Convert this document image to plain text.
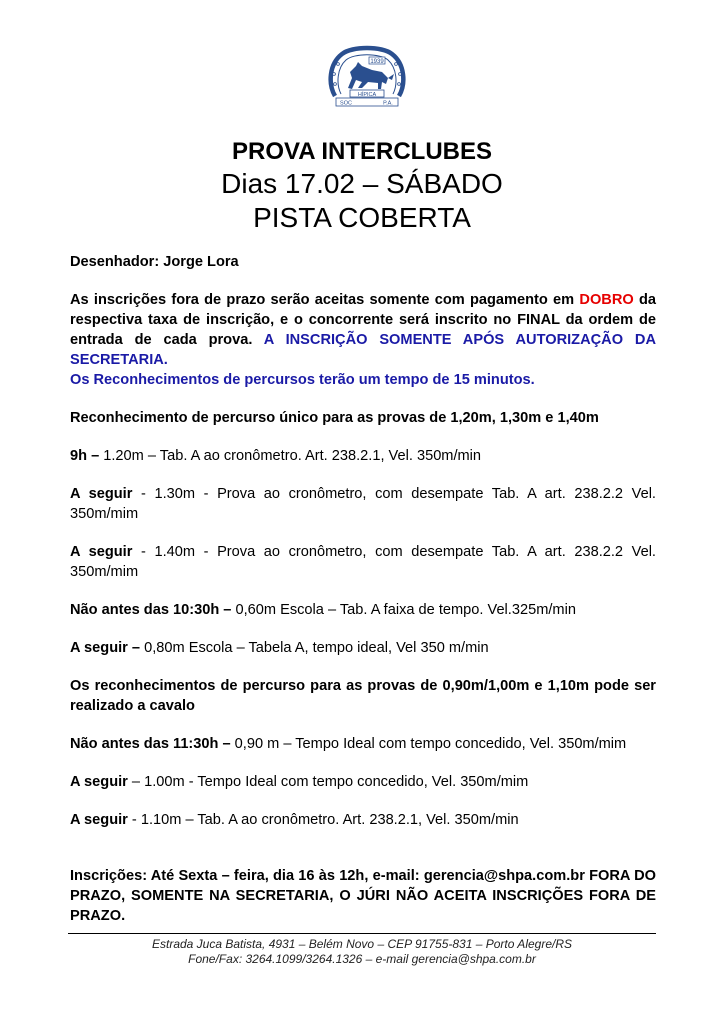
1939
HÍPICA
SOC	P.A.
PROVA INTERCLUBES
Dias 17.02 – SÁBADO
PISTA COBERTA

Desenhador: Jorge Lora

As inscrições fora de prazo serão aceitas somente com pagamento em DOBRO da respectiva taxa de inscrição, e o concorrente será inscrito no FINAL da ordem de entrada de cada prova. A INSCRIÇÃO SOMENTE APÓS AUTORIZAÇÃO DA SECRETARIA.

Os Reconhecimentos de percursos terão um tempo de 15 minutos.

Reconhecimento de percurso único para as provas de 1,20m, 1,30m e 1,40m

9h – 1.20m – Tab. A ao cronômetro. Art. 238.2.1, Vel. 350m/min

A seguir - 1.30m - Prova ao cronômetro, com desempate Tab. A art. 238.2.2 Vel. 350m/mim

A seguir - 1.40m - Prova ao cronômetro, com desempate Tab. A art. 238.2.2 Vel. 350m/mim

Não antes das 10:30h – 0,60m Escola – Tab. A faixa de tempo. Vel.325m/min

A seguir – 0,80m Escola – Tabela A, tempo ideal, Vel 350 m/min

Os reconhecimentos de percurso para as provas de 0,90m/1,00m e 1,10m pode ser realizado a cavalo

Não antes das 11:30h – 0,90 m – Tempo Ideal com tempo concedido, Vel. 350m/mim

A seguir – 1.00m - Tempo Ideal com tempo concedido, Vel. 350m/mim

A seguir - 1.10m – Tab. A ao cronômetro. Art. 238.2.1, Vel. 350m/min

Inscrições: Até Sexta – feira, dia 16 às 12h, e-mail: gerencia@shpa.com.br FORA DO PRAZO, SOMENTE NA SECRETARIA, O JÚRI NÃO ACEITA INSCRIÇÕES FORA DE PRAZO.

Estrada Juca Batista, 4931 – Belém Novo – CEP 91755-831 – Porto Alegre/RS
Fone/Fax: 3264.1099/3264.1326 – e-mail gerencia@shpa.com.br
